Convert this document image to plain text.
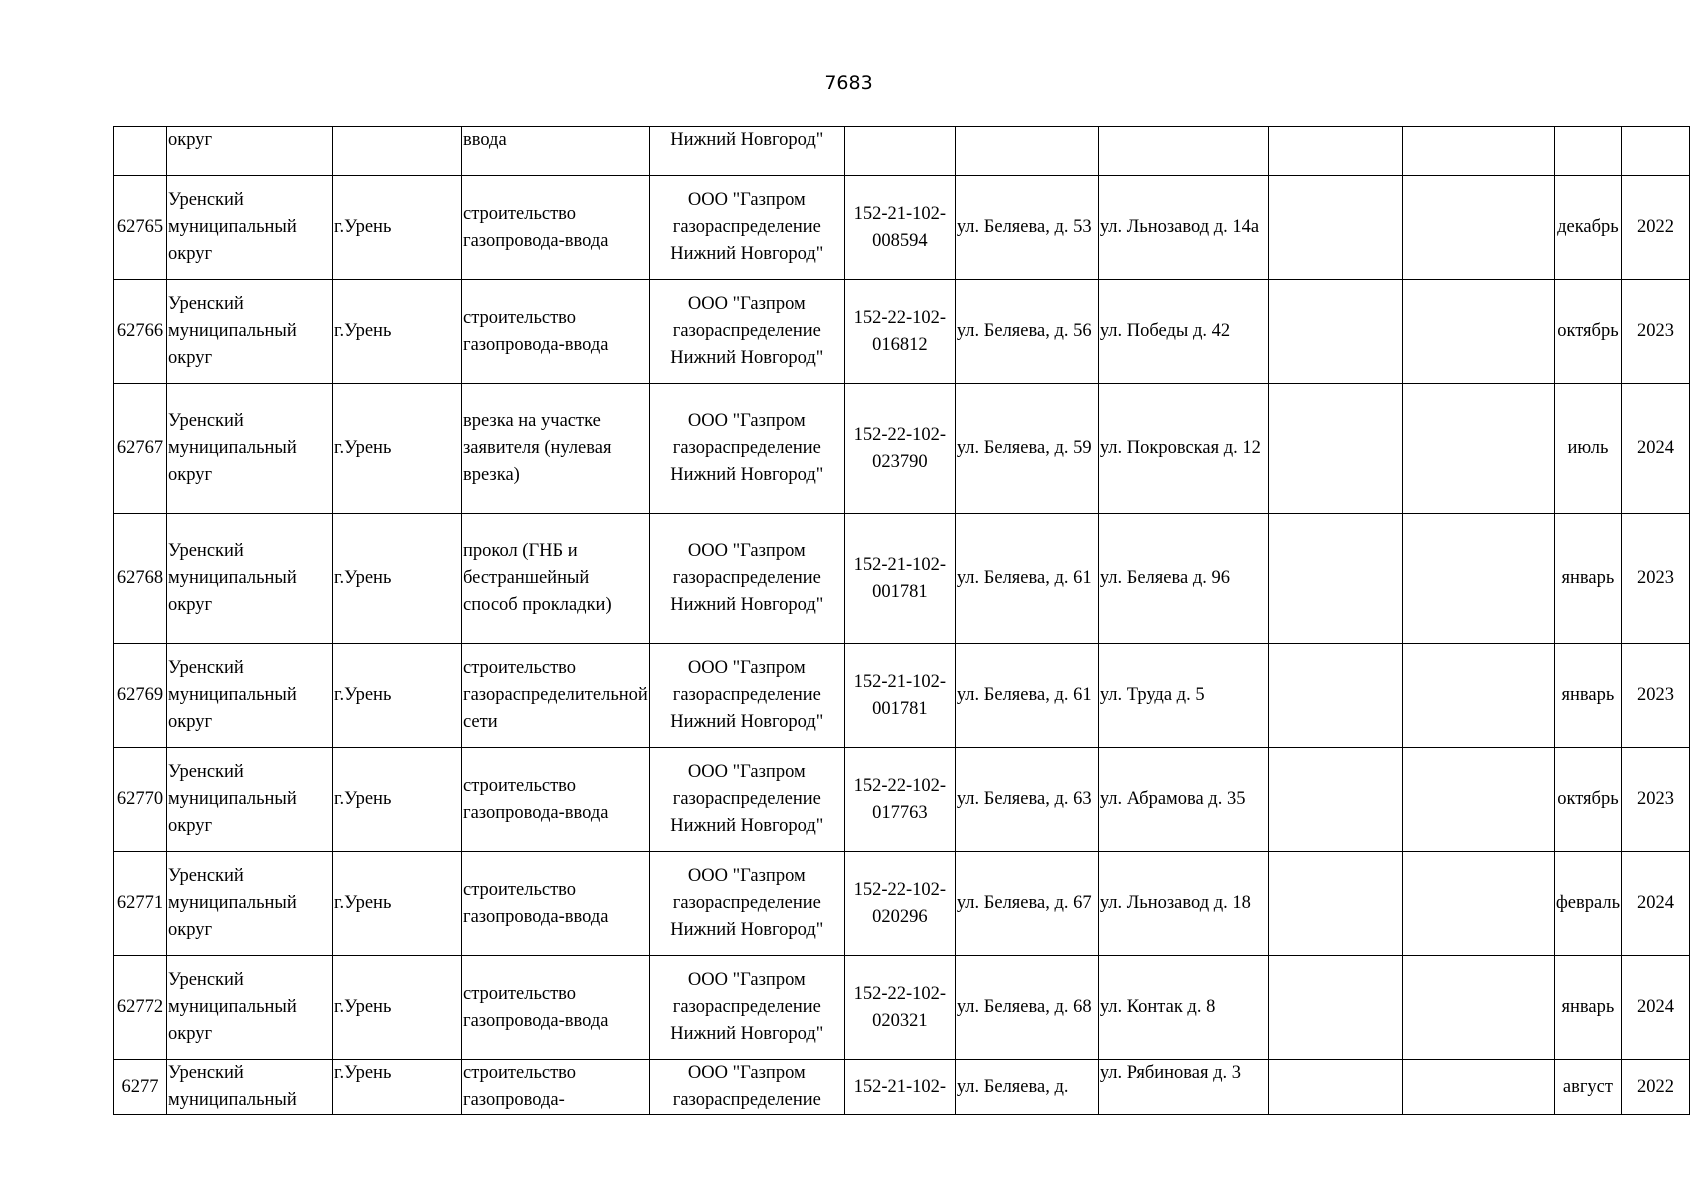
7683
	округ		ввода	Нижний Новгород"							
62765	Уренский муниципальный округ	г.Урень	строительство газопровода-ввода	ООО "Газпром газораспределение Нижний Новгород"	152-21-102-008594	ул. Беляева, д. 53	ул. Льнозавод д. 14а			декабрь	2022
62766	Уренский муниципальный округ	г.Урень	строительство газопровода-ввода	ООО "Газпром газораспределение Нижний Новгород"	152-22-102-016812	ул. Беляева, д. 56	ул. Победы д. 42			октябрь	2023
62767	Уренский муниципальный округ	г.Урень	врезка на участке заявителя (нулевая врезка)	ООО "Газпром газораспределение Нижний Новгород"	152-22-102-023790	ул. Беляева, д. 59	ул. Покровская д. 12			июль	2024
62768	Уренский муниципальный округ	г.Урень	прокол (ГНБ и бестраншейный способ прокладки)	ООО "Газпром газораспределение Нижний Новгород"	152-21-102-001781	ул. Беляева, д. 61	ул. Беляева д. 96			январь	2023
62769	Уренский муниципальный округ	г.Урень	строительство газораспределительной сети	ООО "Газпром газораспределение Нижний Новгород"	152-21-102-001781	ул. Беляева, д. 61	ул. Труда д. 5			январь	2023
62770	Уренский муниципальный округ	г.Урень	строительство газопровода-ввода	ООО "Газпром газораспределение Нижний Новгород"	152-22-102-017763	ул. Беляева, д. 63	ул. Абрамова д. 35			октябрь	2023
62771	Уренский муниципальный округ	г.Урень	строительство газопровода-ввода	ООО "Газпром газораспределение Нижний Новгород"	152-22-102-020296	ул. Беляева, д. 67	ул. Льнозавод д. 18			февраль	2024
62772	Уренский муниципальный округ	г.Урень	строительство газопровода-ввода	ООО "Газпром газораспределение Нижний Новгород"	152-22-102-020321	ул. Беляева, д. 68	ул. Контак д. 8			январь	2024
6277	Уренский муниципальный	г.Урень	строительство газопровода-	ООО "Газпром газораспределение	152-21-102-	ул. Беляева, д.	ул. Рябиновая д. 3			август	2022
